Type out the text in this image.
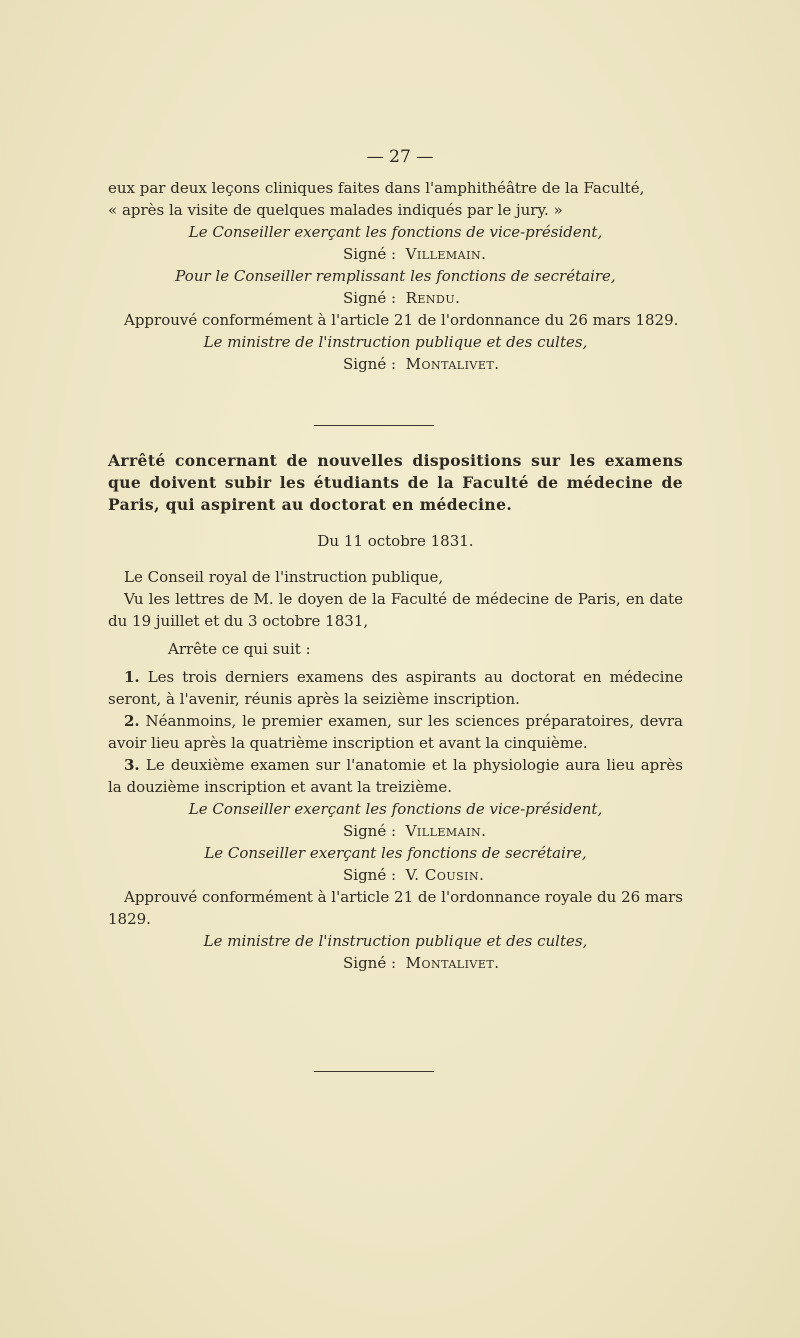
— 27 —

eux par deux leçons cliniques faites dans l'amphithéâtre de la Faculté,

« après la visite de quelques malades indiqués par le jury. »

Le Conseiller exerçant les fonctions de vice-président,

Signé : Villemain.

Pour le Conseiller remplissant les fonctions de secrétaire,

Signé : Rendu.

Approuvé conformément à l'article 21 de l'ordonnance du 26 mars 1829.

Le ministre de l'instruction publique et des cultes,

Signé : Montalivet.

Arrêté concernant de nouvelles dispositions sur les examens que doivent subir les étudiants de la Faculté de médecine de Paris, qui aspirent au doctorat en médecine.

Du 11 octobre 1831.

Le Conseil royal de l'instruction publique,

Vu les lettres de M. le doyen de la Faculté de médecine de Paris, en date du 19 juillet et du 3 octobre 1831,

Arrête ce qui suit :

1. Les trois derniers examens des aspirants au doctorat en médecine seront, à l'avenir, réunis après la seizième inscription.

2. Néanmoins, le premier examen, sur les sciences préparatoires, devra avoir lieu après la quatrième inscription et avant la cinquième.

3. Le deuxième examen sur l'anatomie et la physiologie aura lieu après la douzième inscription et avant la treizième.

Le Conseiller exerçant les fonctions de vice-président,

Signé : Villemain.

Le Conseiller exerçant les fonctions de secrétaire,

Signé : V. Cousin.

Approuvé conformément à l'article 21 de l'ordonnance royale du 26 mars 1829.

Le ministre de l'instruction publique et des cultes,

Signé : Montalivet.
